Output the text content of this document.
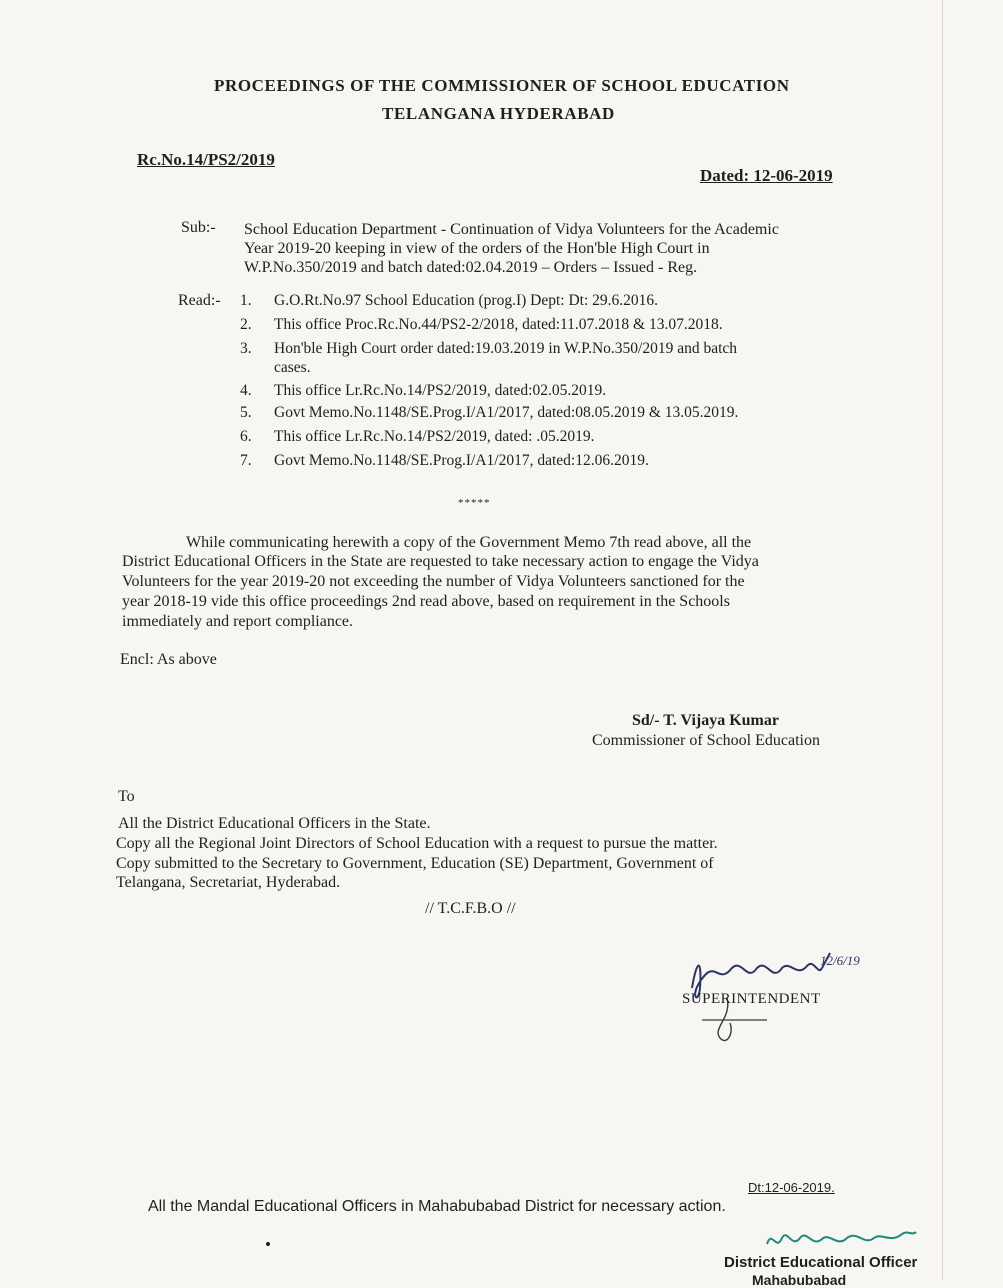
PROCEEDINGS OF THE COMMISSIONER OF SCHOOL EDUCATION
TELANGANA HYDERABAD
Rc.No.14/PS2/2019
Dated: 12-06-2019
Sub:- School Education Department - Continuation of Vidya Volunteers for the Academic
Year 2019-20 keeping in view of the orders of the Hon'ble High Court in
W.P.No.350/2019 and batch dated:02.04.2019 – Orders – Issued - Reg.
Read:- 1. G.O.Rt.No.97 School Education (prog.I) Dept: Dt: 29.6.2016.
2. This office Proc.Rc.No.44/PS2-2/2018, dated:11.07.2018 & 13.07.2018.
3. Hon'ble High Court order dated:19.03.2019 in W.P.No.350/2019 and batch
cases.
4. This office Lr.Rc.No.14/PS2/2019, dated:02.05.2019.
5. Govt Memo.No.1148/SE.Prog.I/A1/2017, dated:08.05.2019 & 13.05.2019.
6. This office Lr.Rc.No.14/PS2/2019, dated: .05.2019.
7. Govt Memo.No.1148/SE.Prog.I/A1/2017, dated:12.06.2019.
*****
While communicating herewith a copy of the Government Memo 7th read above, all the
District Educational Officers in the State are requested to take necessary action to engage the Vidya
Volunteers for the year 2019-20 not exceeding the number of Vidya Volunteers sanctioned for the
year 2018-19 vide this office proceedings 2nd read above, based on requirement in the Schools
immediately and report compliance.
Encl: As above
Sd/- T. Vijaya Kumar
Commissioner of School Education
To
All the District Educational Officers in the State.
Copy all the Regional Joint Directors of School Education with a request to pursue the matter.
Copy submitted to the Secretary to Government, Education (SE) Department, Government of
Telangana, Secretariat, Hyderabad.
// T.C.F.B.O //
12/6/19
SUPERINTENDENT
Dt:12-06-2019.
All the Mandal Educational Officers in Mahabubabad District for necessary action.
District Educational Officer
Mahabubabad
